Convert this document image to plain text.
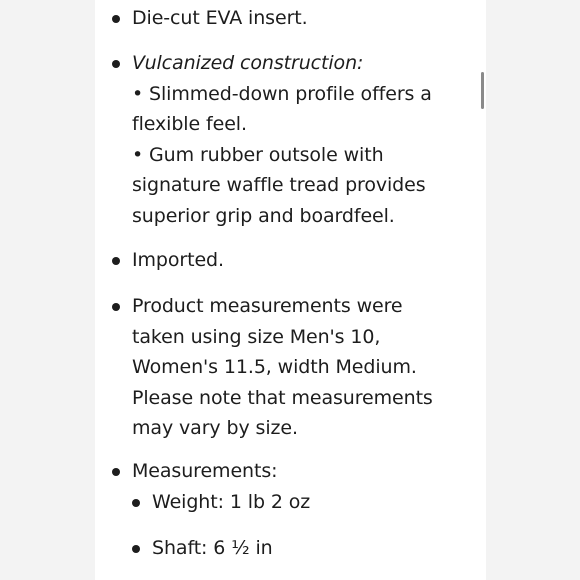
Die-cut EVA insert.
Vulcanized construction:
• Slimmed-down profile offers a
flexible feel.
• Gum rubber outsole with
signature waffle tread provides
superior grip and boardfeel.
Imported.
Product measurements were
taken using size Men's 10,
Women's 11.5, width Medium.
Please note that measurements
may vary by size.
Measurements:
Weight: 1 lb 2 oz
Shaft: 6 ½ in
